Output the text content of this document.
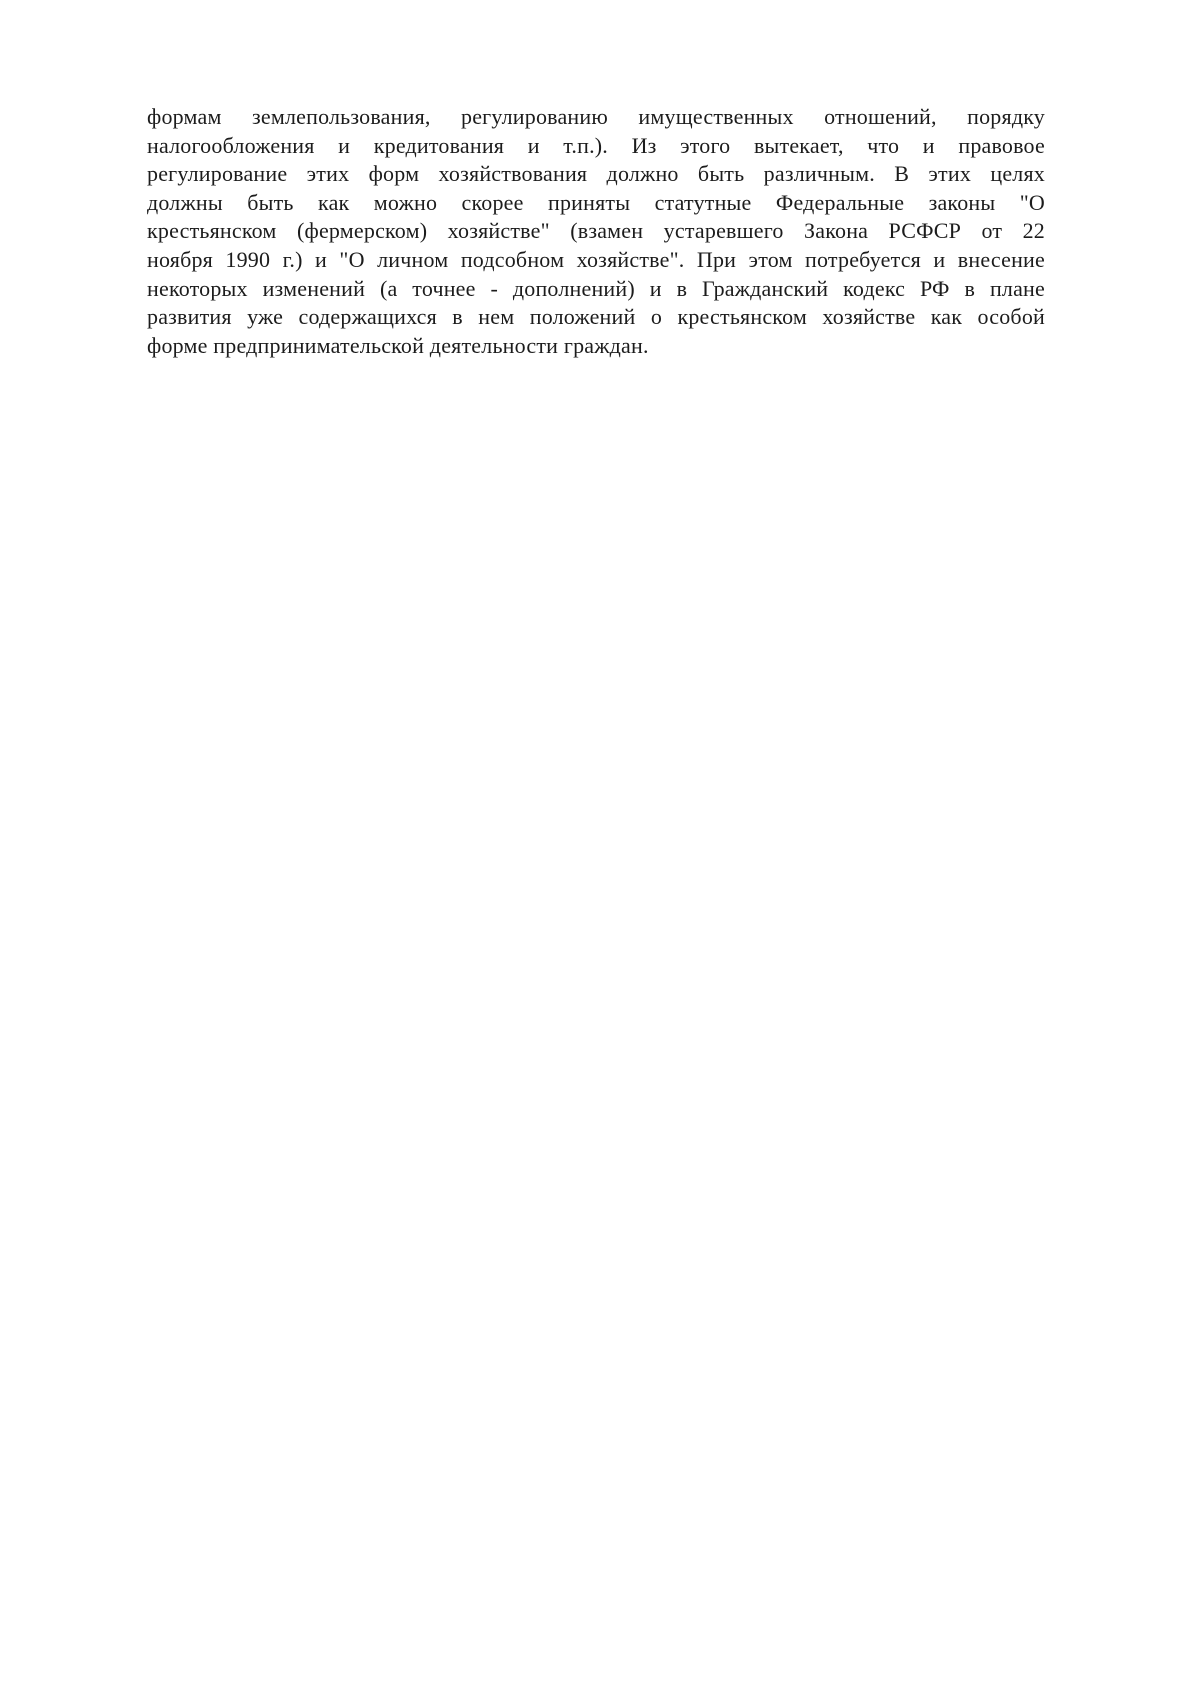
формам землепользования, регулированию имущественных отношений, порядку
налогообложения и кредитования и т.п.). Из этого вытекает, что и правовое
регулирование этих форм хозяйствования должно быть различным. В этих целях
должны быть как можно скорее приняты статутные Федеральные законы "О
крестьянском (фермерском) хозяйстве" (взамен устаревшего Закона РСФСР от 22
ноября 1990 г.) и "О личном подсобном хозяйстве". При этом потребуется и внесение
некоторых изменений (а точнее - дополнений) и в Гражданский кодекс РФ в плане
развития уже содержащихся в нем положений о крестьянском хозяйстве как особой
форме предпринимательской деятельности граждан.
